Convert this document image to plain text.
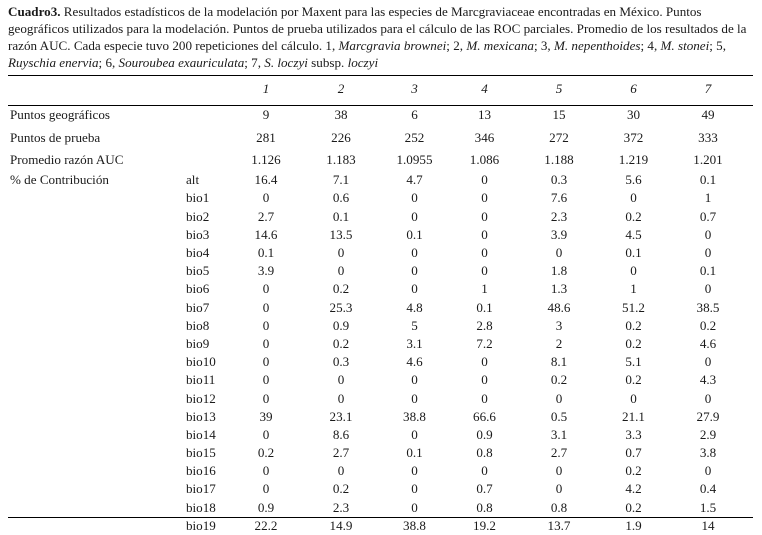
Cuadro3. Resultados estadísticos de la modelación por Maxent para las especies de Marcgraviaceae encontradas en México. Puntos geográficos utilizados para la modelación. Puntos de prueba utilizados para el cálculo de las ROC parciales. Promedio de los resultados de la razón AUC. Cada especie tuvo 200 repeticiones del cálculo. 1, Marcgravia brownei; 2, M. mexicana; 3, M. nepenthoides; 4, M. stonei; 5, Ruyschia enervia; 6, Souroubea exauriculata; 7, S. loczyi subsp. loczyi
		1	2	3	4	5	6	7
Puntos geográficos		9	38	6	13	15	30	49
Puntos de prueba		281	226	252	346	272	372	333
Promedio razón AUC		1.126	1.183	1.0955	1.086	1.188	1.219	1.201
% de Contribución	alt	16.4	7.1	4.7	0	0.3	5.6	0.1
	bio1	0	0.6	0	0	7.6	0	1
	bio2	2.7	0.1	0	0	2.3	0.2	0.7
	bio3	14.6	13.5	0.1	0	3.9	4.5	0
	bio4	0.1	0	0	0	0	0.1	0
	bio5	3.9	0	0	0	1.8	0	0.1
	bio6	0	0.2	0	1	1.3	1	0
	bio7	0	25.3	4.8	0.1	48.6	51.2	38.5
	bio8	0	0.9	5	2.8	3	0.2	0.2
	bio9	0	0.2	3.1	7.2	2	0.2	4.6
	bio10	0	0.3	4.6	0	8.1	5.1	0
	bio11	0	0	0	0	0.2	0.2	4.3
	bio12	0	0	0	0	0	0	0
	bio13	39	23.1	38.8	66.6	0.5	21.1	27.9
	bio14	0	8.6	0	0.9	3.1	3.3	2.9
	bio15	0.2	2.7	0.1	0.8	2.7	0.7	3.8
	bio16	0	0	0	0	0	0.2	0
	bio17	0	0.2	0	0.7	0	4.2	0.4
	bio18	0.9	2.3	0	0.8	0.8	0.2	1.5
	bio19	22.2	14.9	38.8	19.2	13.7	1.9	14
